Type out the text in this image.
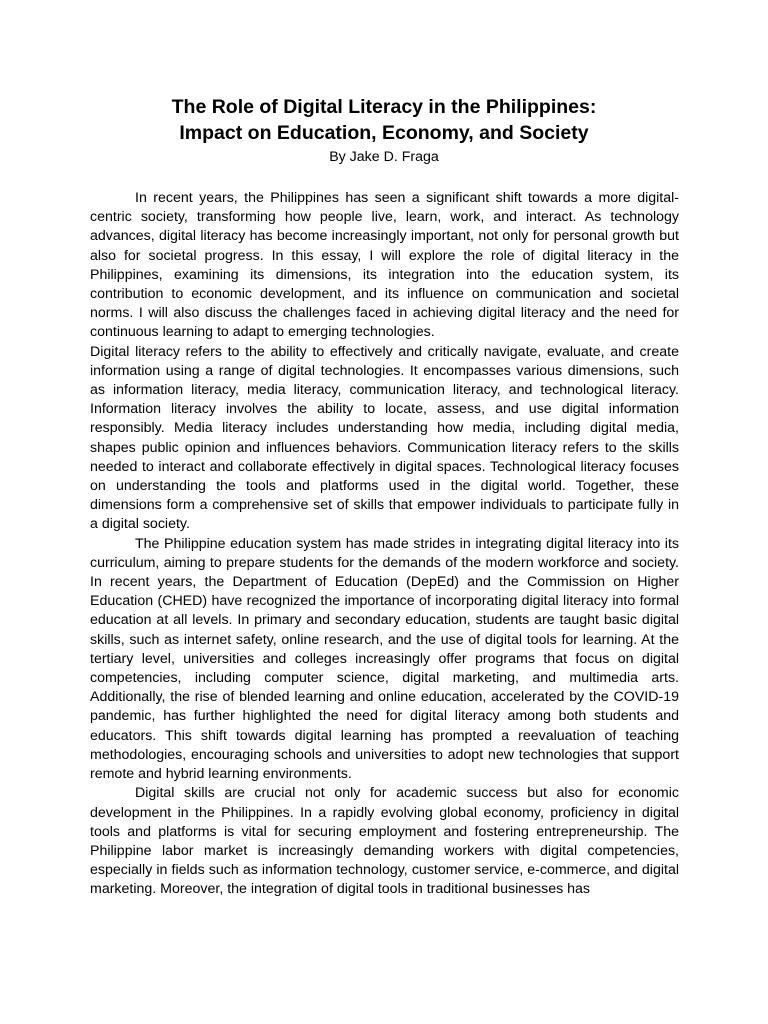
The Role of Digital Literacy in the Philippines:
Impact on Education, Economy, and Society

By Jake D. Fraga

In recent years, the Philippines has seen a significant shift towards a more digital-centric society, transforming how people live, learn, work, and interact. As technology advances, digital literacy has become increasingly important, not only for personal growth but also for societal progress. In this essay, I will explore the role of digital literacy in the Philippines, examining its dimensions, its integration into the education system, its contribution to economic development, and its influence on communication and societal norms. I will also discuss the challenges faced in achieving digital literacy and the need for continuous learning to adapt to emerging technologies.

Digital literacy refers to the ability to effectively and critically navigate, evaluate, and create information using a range of digital technologies. It encompasses various dimensions, such as information literacy, media literacy, communication literacy, and technological literacy. Information literacy involves the ability to locate, assess, and use digital information responsibly. Media literacy includes understanding how media, including digital media, shapes public opinion and influences behaviors. Communication literacy refers to the skills needed to interact and collaborate effectively in digital spaces. Technological literacy focuses on understanding the tools and platforms used in the digital world. Together, these dimensions form a comprehensive set of skills that empower individuals to participate fully in a digital society.

The Philippine education system has made strides in integrating digital literacy into its curriculum, aiming to prepare students for the demands of the modern workforce and society. In recent years, the Department of Education (DepEd) and the Commission on Higher Education (CHED) have recognized the importance of incorporating digital literacy into formal education at all levels. In primary and secondary education, students are taught basic digital skills, such as internet safety, online research, and the use of digital tools for learning. At the tertiary level, universities and colleges increasingly offer programs that focus on digital competencies, including computer science, digital marketing, and multimedia arts. Additionally, the rise of blended learning and online education, accelerated by the COVID-19 pandemic, has further highlighted the need for digital literacy among both students and educators. This shift towards digital learning has prompted a reevaluation of teaching methodologies, encouraging schools and universities to adopt new technologies that support remote and hybrid learning environments.

Digital skills are crucial not only for academic success but also for economic development in the Philippines. In a rapidly evolving global economy, proficiency in digital tools and platforms is vital for securing employment and fostering entrepreneurship. The Philippine labor market is increasingly demanding workers with digital competencies, especially in fields such as information technology, customer service, e-commerce, and digital marketing. Moreover, the integration of digital tools in traditional businesses has
